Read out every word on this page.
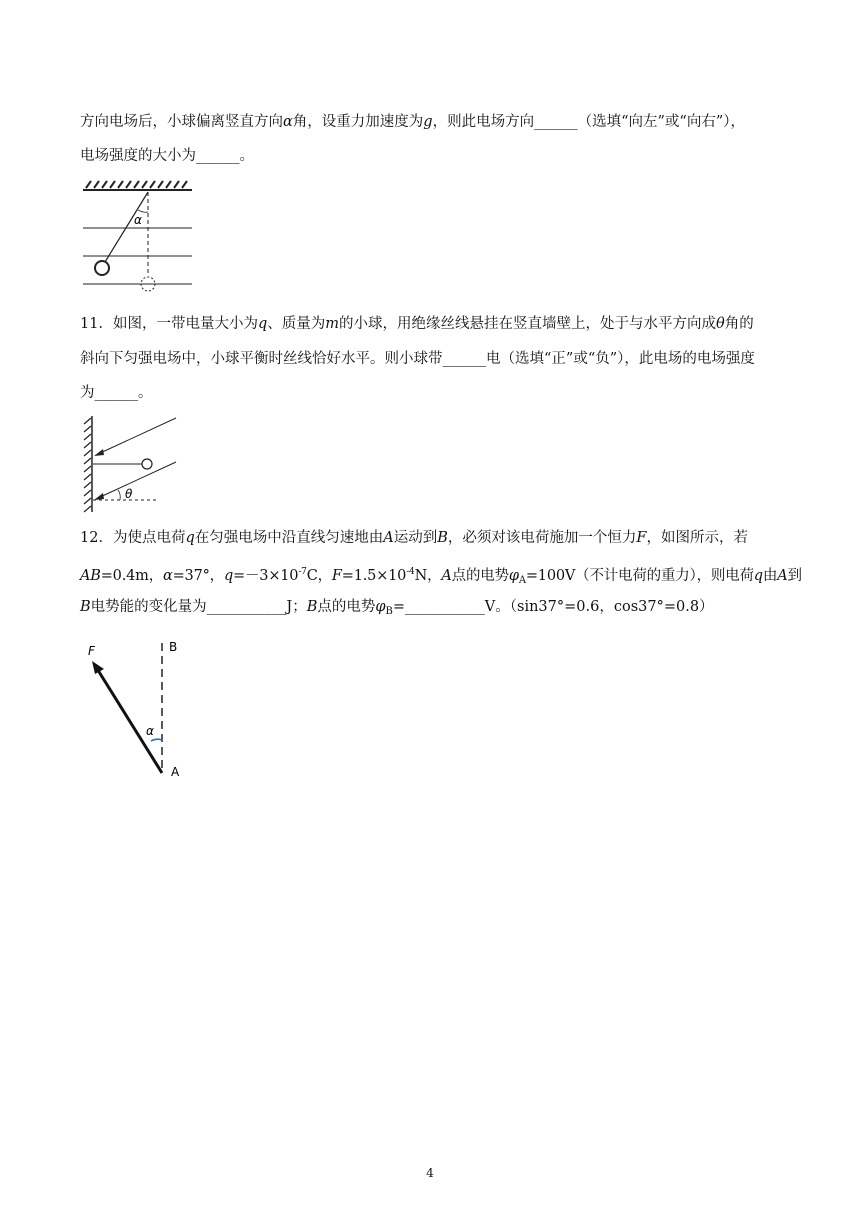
方向电场后，小球偏离竖直方向α角，设重力加速度为g，则此电场方向______（选填“向左”或“向右”），
电场强度的大小为______。
α
11．如图，一带电量大小为q、质量为m的小球，用绝缘丝线悬挂在竖直墙壁上，处于与水平方向成θ角的
斜向下匀强电场中，小球平衡时丝线恰好水平。则小球带______电（选填“正”或“负”），此电场的电场强度
为______。
θ
12．为使点电荷q在匀强电场中沿直线匀速地由A运动到B，必须对该电荷施加一个恒力F，如图所示，若
AB=0.4m，α=37°，$q=-3\times 10^{-7}C$，$F=1.5\times 10^{-4}N$，A点的电势$\varphi_A=100V$（不计电荷的重力），则电荷q由A到
B电势能的变化量为___________J；B点的电势$\varphi_B=\_\_\_\_\_\_\_\_\_\_\_V$。（sin37°=0.6，cos37°=0.8）
F	B
α
A
4
